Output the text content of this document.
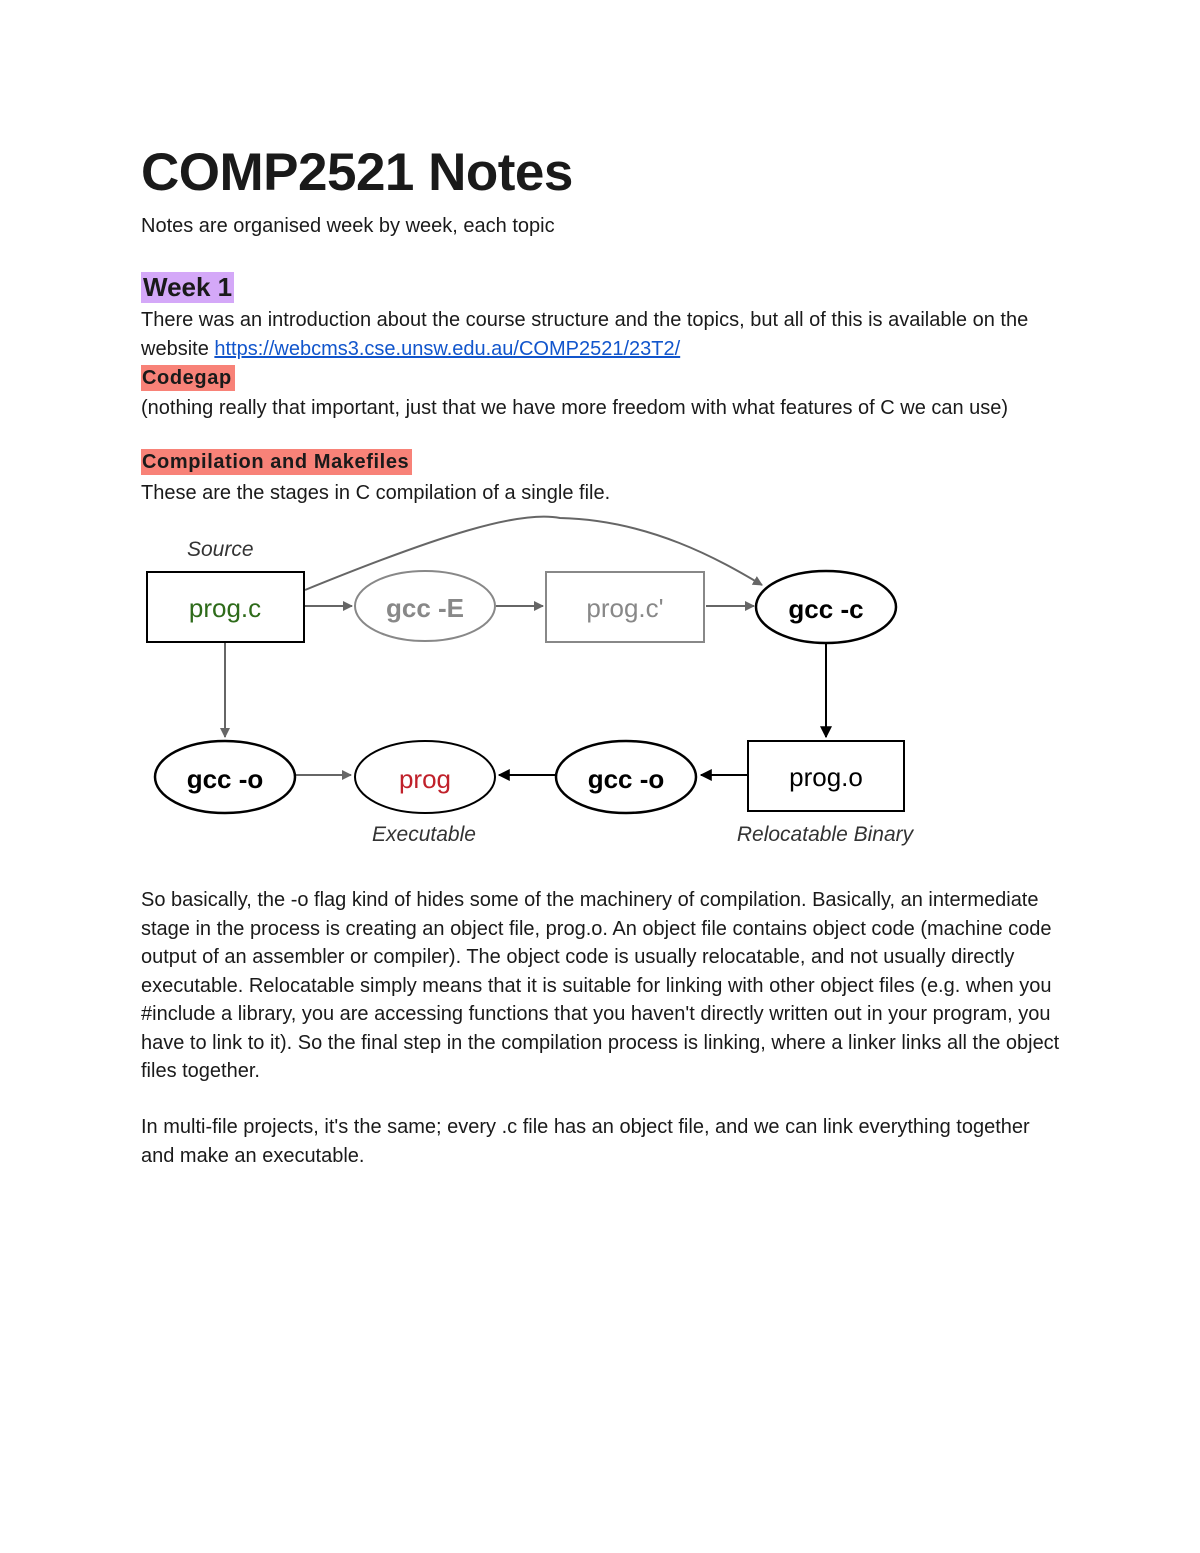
prog.c	gcc -E	prog.c'	gcc -c
prog.o
gcc -o
prog
gcc -o
Source
Executable	Relocatable Binary
COMP2521 Notes
Notes are organised week by week, each topic
Week 1

There was an introduction about the course structure and the topics, but all of this is available on the website https://webcms3.cse.unsw.edu.au/COMP2521/23T2/

Codegap

(nothing really that important, just that we have more freedom with what features of C we can use)

Compilation and Makefiles

These are the stages in C compilation of a single file.

So basically, the -o flag kind of hides some of the machinery of compilation. Basically, an intermediate stage in the process is creating an object file, prog.o. An object file contains object code (machine code output of an assembler or compiler). The object code is usually relocatable, and not usually directly executable. Relocatable simply means that it is suitable for linking with other object files (e.g. when you #include a library, you are accessing functions that you haven't directly written out in your program, you have to link to it). So the final step in the compilation process is linking, where a linker links all the object files together.

In multi-file projects, it's the same; every .c file has an object file, and we can link everything together and make an executable.
